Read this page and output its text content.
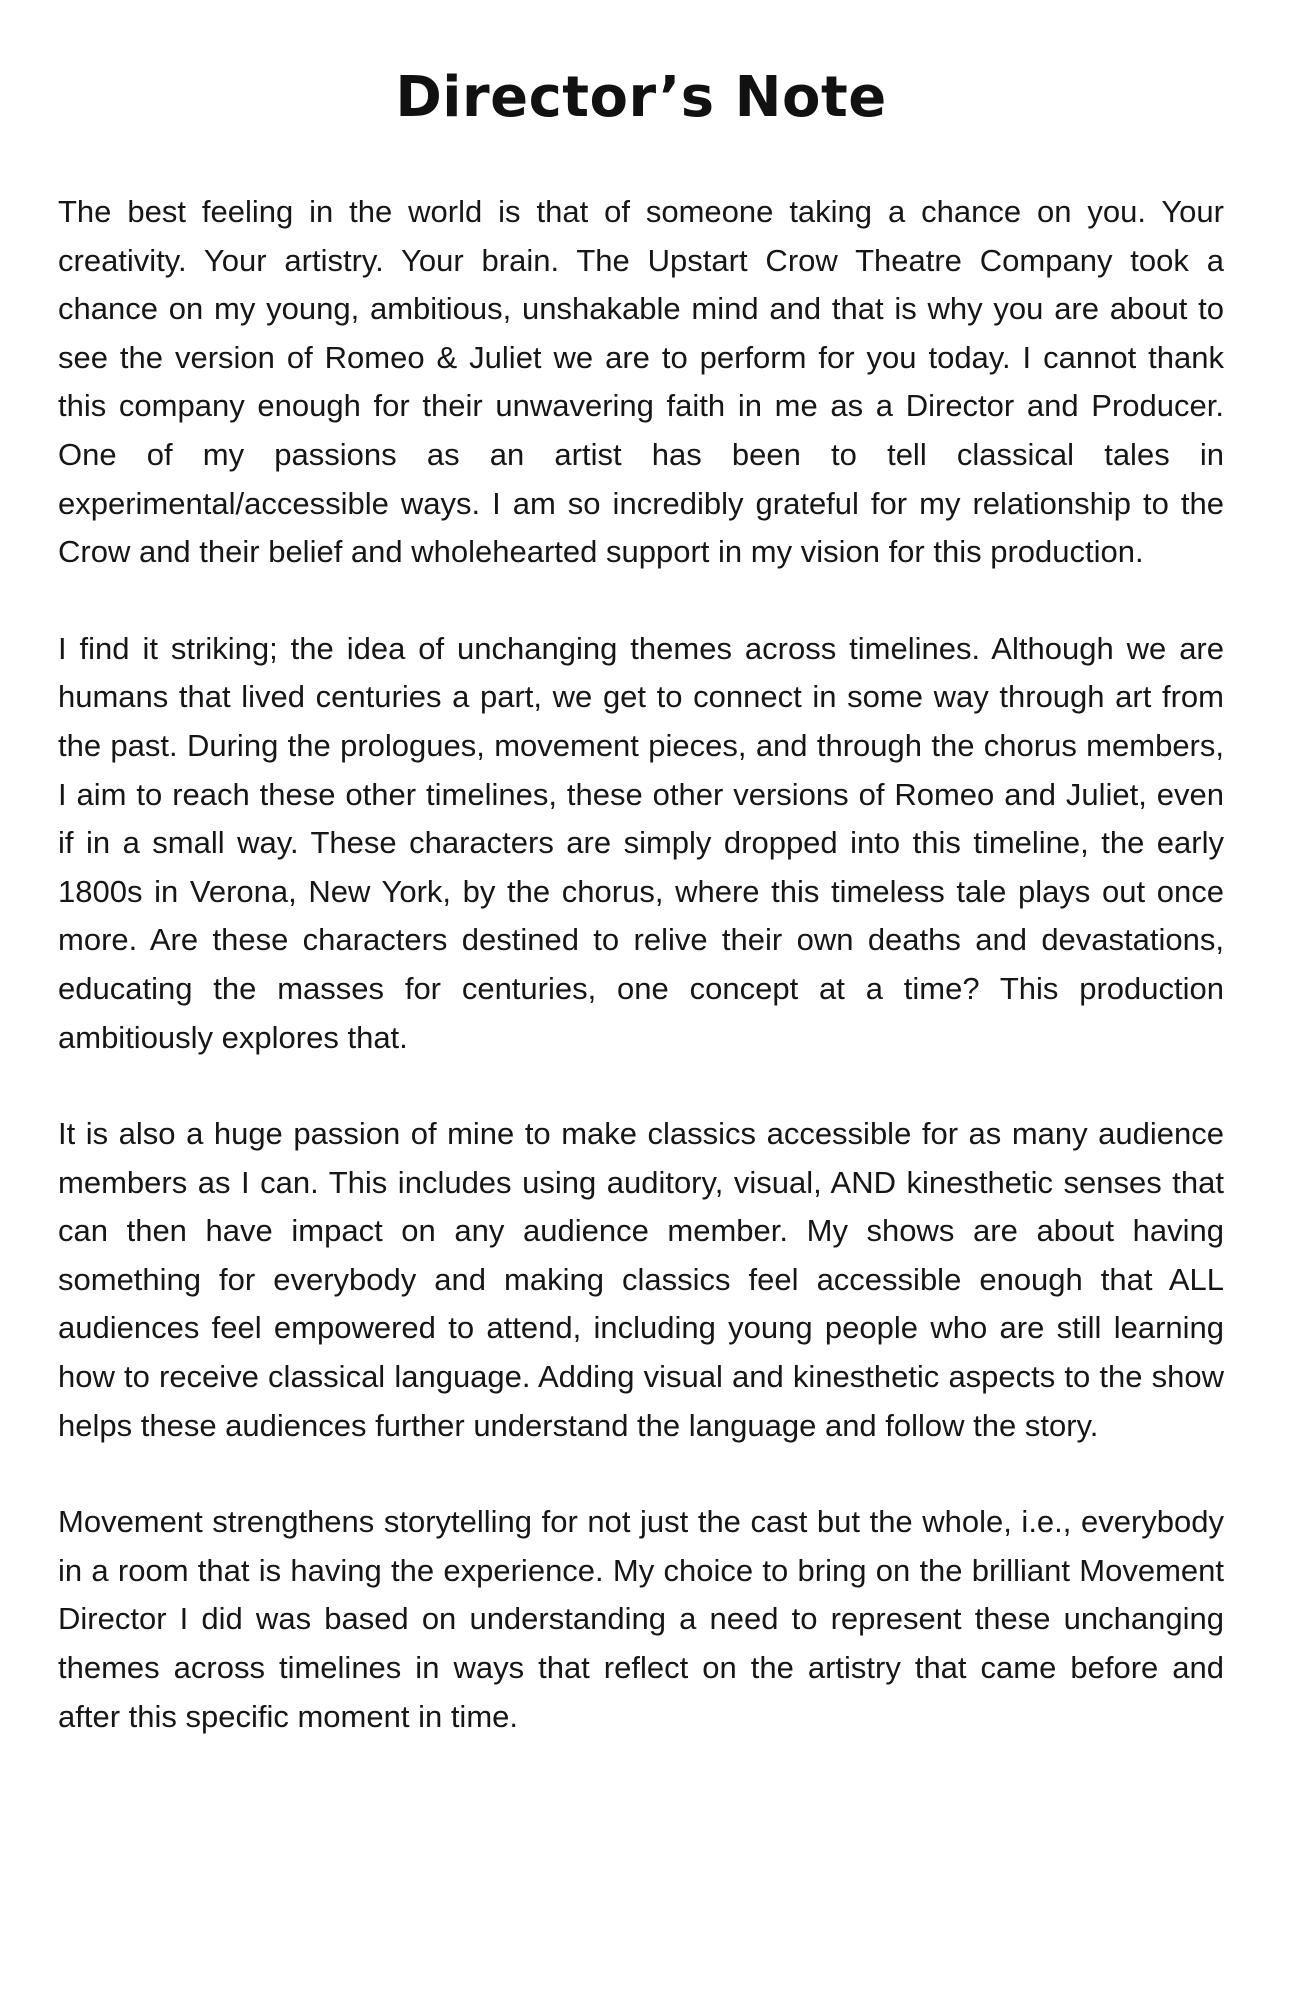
Director’s Note

The best feeling in the world is that of someone taking a chance on you. Your creativity. Your artistry. Your brain. The Upstart Crow Theatre Company took a chance on my young, ambitious, unshakable mind and that is why you are about to see the version of Romeo & Juliet we are to perform for you today. I cannot thank this company enough for their unwavering faith in me as a Director and Producer. One of my passions as an artist has been to tell classical tales in experimental/accessible ways. I am so incredibly grateful for my relationship to the Crow and their belief and wholehearted support in my vision for this production.

I find it striking; the idea of unchanging themes across timelines. Although we are humans that lived centuries a part, we get to connect in some way through art from the past. During the prologues, movement pieces, and through the chorus members, I aim to reach these other timelines, these other versions of Romeo and Juliet, even if in a small way. These characters are simply dropped into this timeline, the early 1800s in Verona, New York, by the chorus, where this timeless tale plays out once more. Are these characters destined to relive their own deaths and devastations, educating the masses for centuries, one concept at a time? This production ambitiously explores that.

It is also a huge passion of mine to make classics accessible for as many audience members as I can. This includes using auditory, visual, AND kinesthetic senses that can then have impact on any audience member. My shows are about having something for everybody and making classics feel accessible enough that ALL audiences feel empowered to attend, including young people who are still learning how to receive classical language. Adding visual and kinesthetic aspects to the show helps these audiences further understand the language and follow the story.

Movement strengthens storytelling for not just the cast but the whole, i.e., everybody in a room that is having the experience. My choice to bring on the brilliant Movement Director I did was based on understanding a need to represent these unchanging themes across timelines in ways that reflect on the artistry that came before and after this specific moment in time.
